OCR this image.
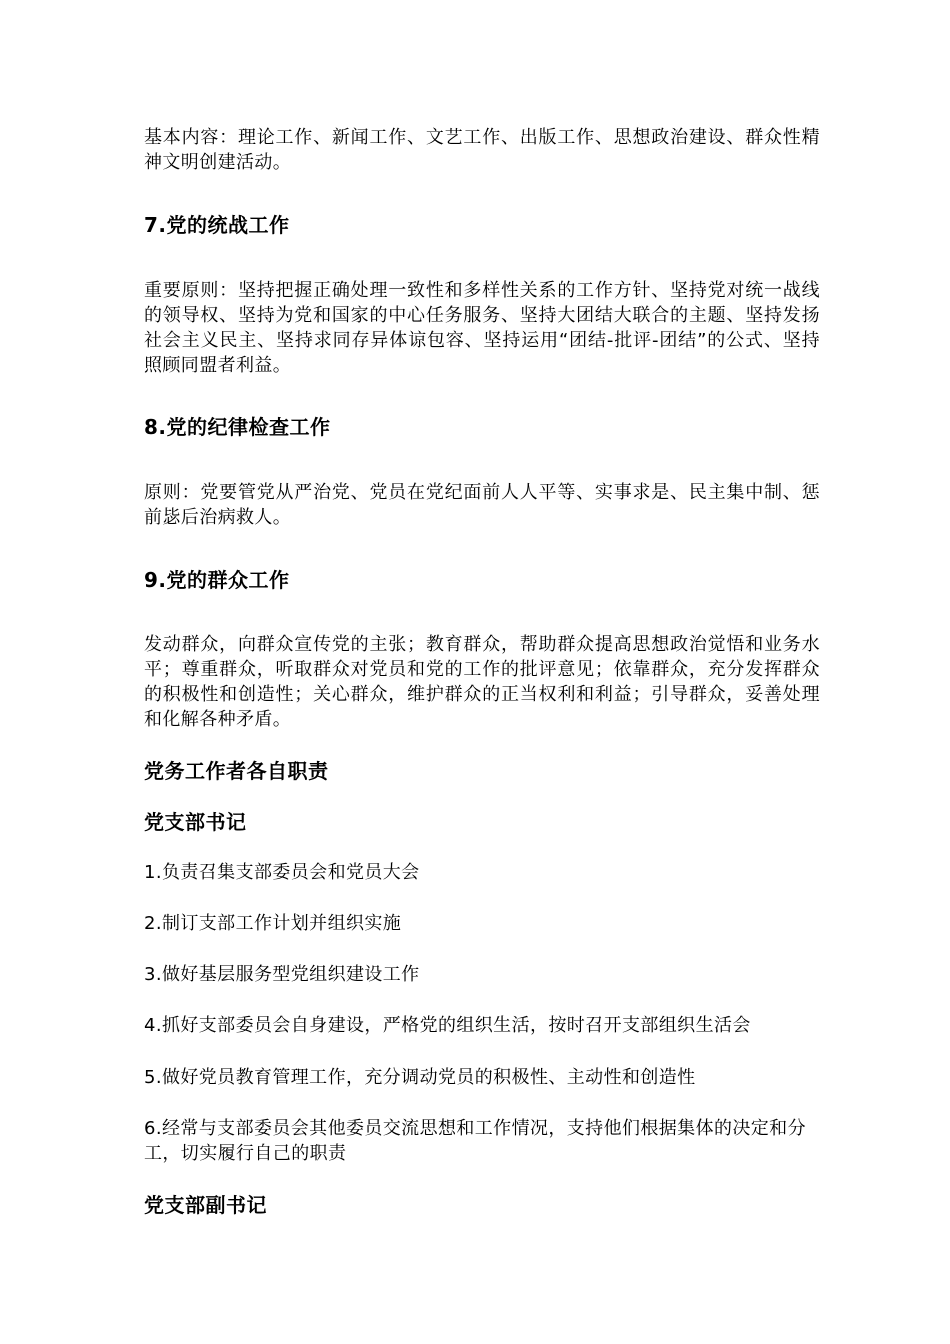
基本内容：理论工作、新闻工作、文艺工作、出版工作、思想政治建设、群众性精神文明创建活动。

7.党的统战工作

重要原则：坚持把握正确处理一致性和多样性关系的工作方针、坚持党对统一战线的领导权、坚持为党和国家的中心任务服务、坚持大团结大联合的主题、坚持发扬社会主义民主、坚持求同存异体谅包容、坚持运用“团结-批评-团结”的公式、坚持照顾同盟者利益。

8.党的纪律检查工作

原则：党要管党从严治党、党员在党纪面前人人平等、实事求是、民主集中制、惩前毖后治病救人。

9.党的群众工作

发动群众，向群众宣传党的主张；教育群众，帮助群众提高思想政治觉悟和业务水平；尊重群众，听取群众对党员和党的工作的批评意见；依靠群众，充分发挥群众的积极性和创造性；关心群众，维护群众的正当权利和利益；引导群众，妥善处理和化解各种矛盾。

党务工作者各自职责

党支部书记

1.负责召集支部委员会和党员大会

2.制订支部工作计划并组织实施

3.做好基层服务型党组织建设工作

4.抓好支部委员会自身建设，严格党的组织生活，按时召开支部组织生活会

5.做好党员教育管理工作，充分调动党员的积极性、主动性和创造性

6.经常与支部委员会其他委员交流思想和工作情况，支持他们根据集体的决定和分工，切实履行自己的职责

党支部副书记
